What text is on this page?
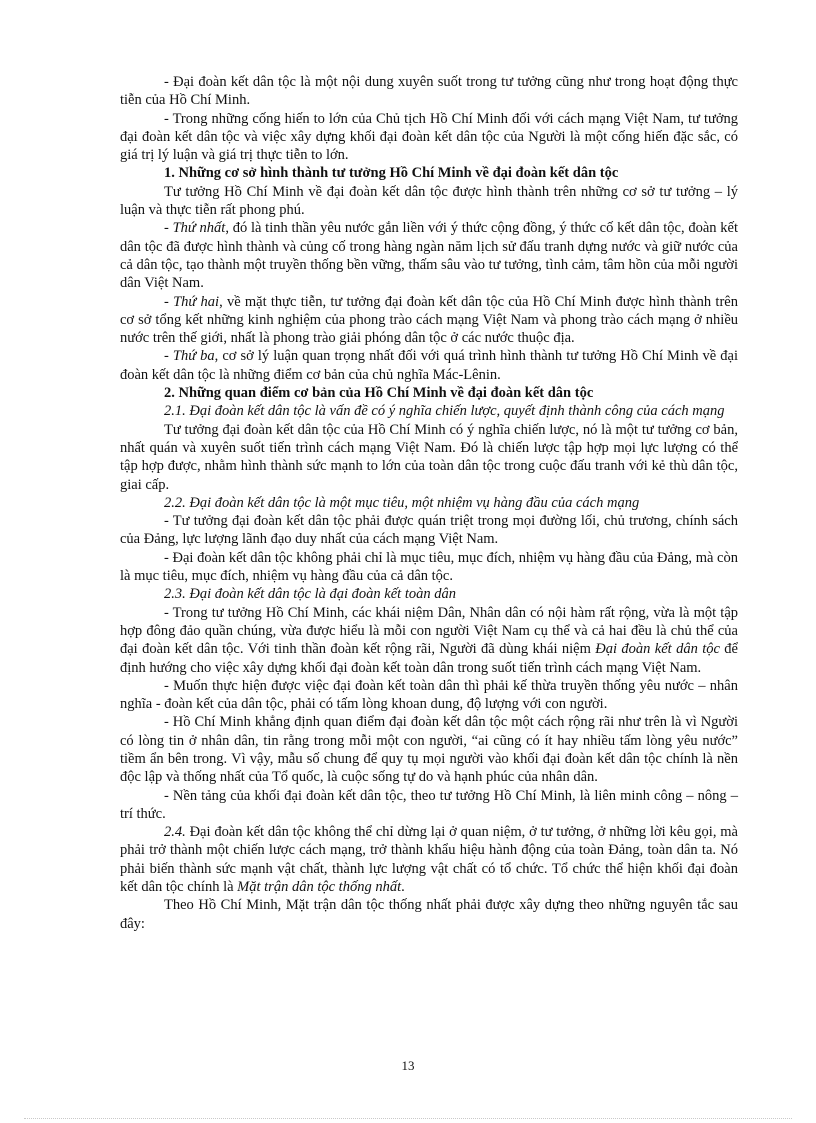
- Đại đoàn kết dân tộc là một nội dung xuyên suốt trong tư tưởng cũng như trong hoạt động thực tiễn của Hồ Chí Minh.

- Trong những cống hiến to lớn của Chủ tịch Hồ Chí Minh đối với cách mạng Việt Nam, tư tưởng đại đoàn kết dân tộc và việc xây dựng khối đại đoàn kết dân tộc của Người là một cống hiến đặc sắc, có giá trị lý luận và giá trị thực tiễn to lớn.

1. Những cơ sở hình thành tư tưởng Hồ Chí Minh về đại đoàn kết dân tộc

Tư tưởng Hồ Chí Minh về đại đoàn kết dân tộc được hình thành trên những cơ sở tư tưởng – lý luận và thực tiễn rất phong phú.

- Thứ nhất, đó là tinh thần yêu nước gắn liền với ý thức cộng đồng, ý thức cố kết dân tộc, đoàn kết dân tộc đã được hình thành và củng cố trong hàng ngàn năm lịch sử đấu tranh dựng nước và giữ nước của cả dân tộc, tạo thành một truyền thống bền vững, thấm sâu vào tư tưởng, tình cảm, tâm hồn của mỗi người dân Việt Nam.

- Thứ hai, về mặt thực tiễn, tư tưởng đại đoàn kết dân tộc của Hồ Chí Minh được hình thành trên cơ sở tổng kết những kinh nghiệm của phong trào cách mạng Việt Nam và phong trào cách mạng ở nhiều nước trên thế giới, nhất là phong trào giải phóng dân tộc ở các nước thuộc địa.

- Thứ ba, cơ sở lý luận quan trọng nhất đối với quá trình hình thành tư tưởng Hồ Chí Minh về đại đoàn kết dân tộc là những điểm cơ bản của chủ nghĩa Mác-Lênin.

2. Những quan điểm cơ bản của Hồ Chí Minh về đại đoàn kết dân tộc

2.1. Đại đoàn kết dân tộc là vấn đề có ý nghĩa chiến lược, quyết định thành công của cách mạng

Tư tưởng đại đoàn kết dân tộc của Hồ Chí Minh có ý nghĩa chiến lược, nó là một tư tưởng cơ bản, nhất quán và xuyên suốt tiến trình cách mạng Việt Nam. Đó là chiến lược tập hợp mọi lực lượng có thể tập hợp được, nhằm hình thành sức mạnh to lớn của toàn dân tộc trong cuộc đấu tranh với kẻ thù dân tộc, giai cấp.

2.2. Đại đoàn kết dân tộc là một mục tiêu, một nhiệm vụ hàng đầu của cách mạng

- Tư tưởng đại đoàn kết dân tộc phải được quán triệt trong mọi đường lối, chủ trương, chính sách của Đảng, lực lượng lãnh đạo duy nhất của cách mạng Việt Nam.

- Đại đoàn kết dân tộc không phải chỉ là mục tiêu, mục đích, nhiệm vụ hàng đầu của Đảng, mà còn là mục tiêu, mục đích, nhiệm vụ hàng đầu của cả dân tộc.

2.3. Đại đoàn kết dân tộc là đại đoàn kết toàn dân

- Trong tư tưởng Hồ Chí Minh, các khái niệm Dân, Nhân dân có nội hàm rất rộng, vừa là một tập hợp đông đảo quần chúng, vừa được hiểu là mỗi con người Việt Nam cụ thể và cả hai đều là chủ thể của đại đoàn kết dân tộc. Với tinh thần đoàn kết rộng rãi, Người đã dùng khái niệm Đại đoàn kết dân tộc để định hướng cho việc xây dựng khối đại đoàn kết toàn dân trong suốt tiến trình cách mạng Việt Nam.

- Muốn thực hiện được việc đại đoàn kết toàn dân thì phải kế thừa truyền thống yêu nước – nhân nghĩa - đoàn kết của dân tộc, phải có tấm lòng khoan dung, độ lượng với con người.

- Hồ Chí Minh khẳng định quan điểm đại đoàn kết dân tộc một cách rộng rãi như trên là vì Người có lòng tin ở nhân dân, tin rằng trong mỗi một con người, “ai cũng có ít hay nhiều tấm lòng yêu nước” tiềm ẩn bên trong. Vì vậy, mẫu số chung để quy tụ mọi người vào khối đại đoàn kết dân tộc chính là nền độc lập và thống nhất của Tổ quốc, là cuộc sống tự do và hạnh phúc của nhân dân.

- Nền tảng của khối đại đoàn kết dân tộc, theo tư tưởng Hồ Chí Minh, là liên minh công – nông – trí thức.

2.4. Đại đoàn kết dân tộc không thể chỉ dừng lại ở quan niệm, ở tư tưởng, ở những lời kêu gọi, mà phải trở thành một chiến lược cách mạng, trở thành khẩu hiệu hành động của toàn Đảng, toàn dân ta. Nó phải biến thành sức mạnh vật chất, thành lực lượng vật chất có tổ chức. Tổ chức thể hiện khối đại đoàn kết dân tộc chính là Mặt trận dân tộc thống nhất.

Theo Hồ Chí Minh, Mặt trận dân tộc thống nhất phải được xây dựng theo những nguyên tắc sau đây:

13
